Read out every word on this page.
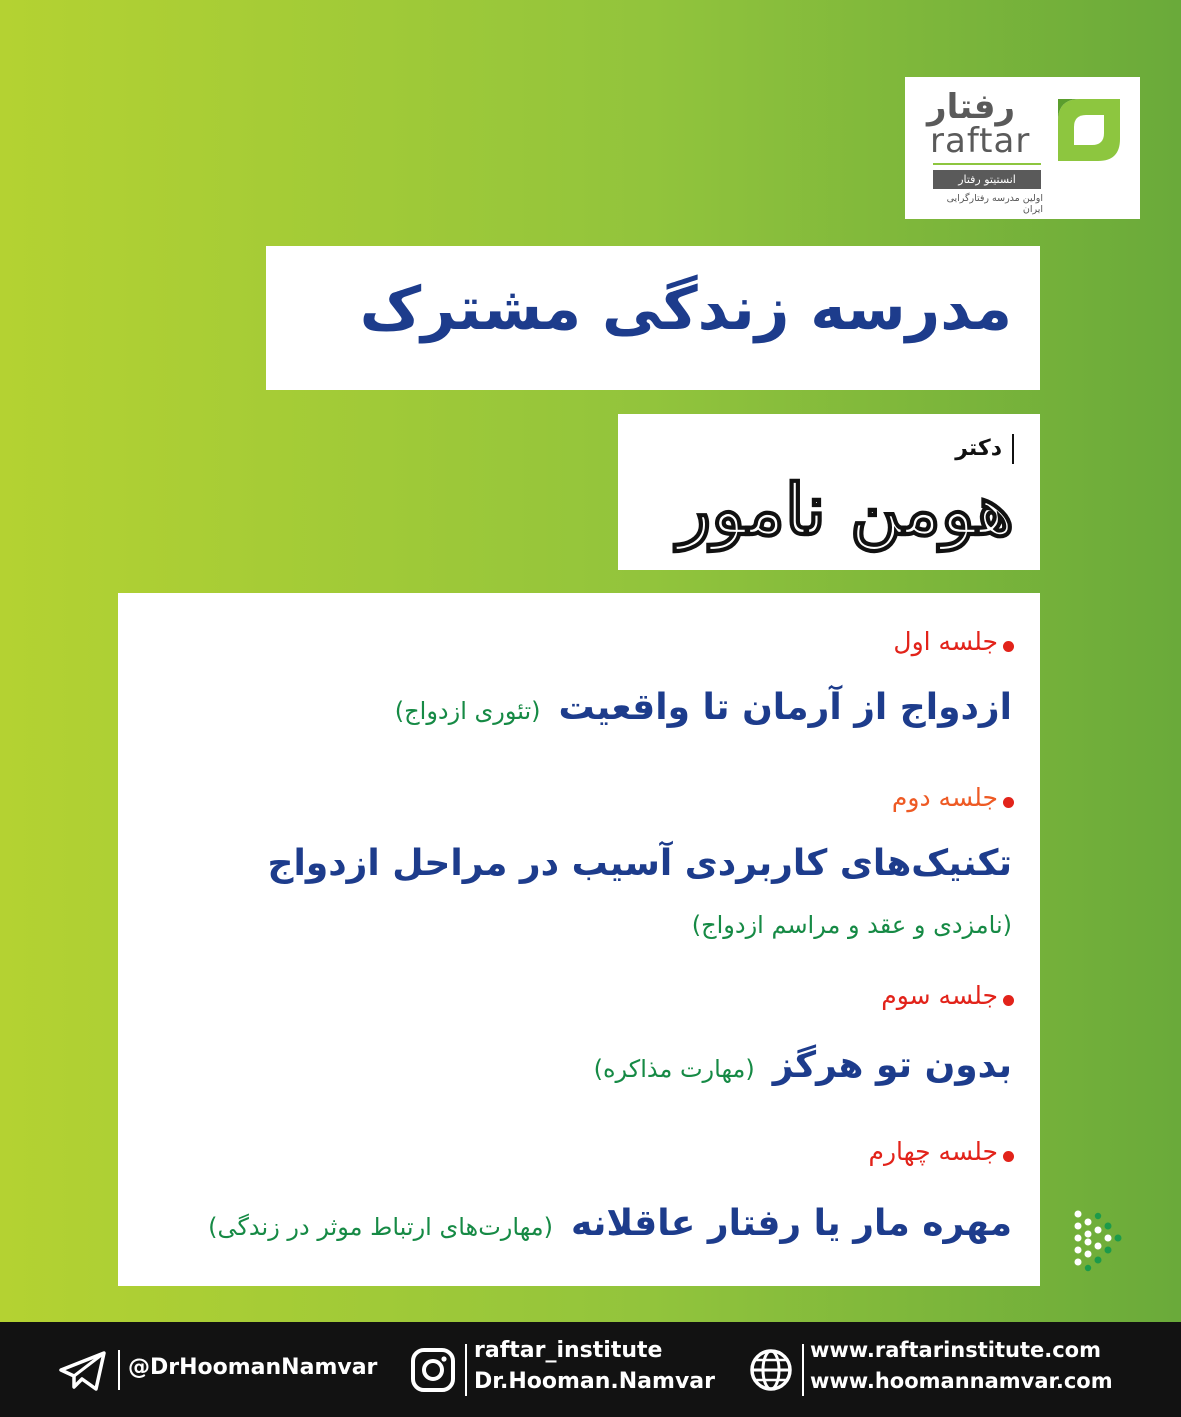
رفتار
raftar
انستیتو رفتار
اولین مدرسه رفتارگرایی ایران
مدرسه زندگی مشترک
دکتر
هومن نامور
جلسه اول
ازدواج از آرمان تا واقعیت(تئوری ازدواج)
جلسه دوم
تکنیک‌های کاربردی آسیب در مراحل ازدواج
(نامزدی و عقد و مراسم ازدواج)
جلسه سوم
بدون تو هرگز(مهارت مذاکره)
جلسه چهارم
مهره مار یا رفتار عاقلانه(مهارت‌های ارتباط موثر در زندگی)
@DrHoomanNamvar
raftar_institute
Dr.Hooman.Namvar
www.raftarinstitute.com
www.hoomannamvar.com
